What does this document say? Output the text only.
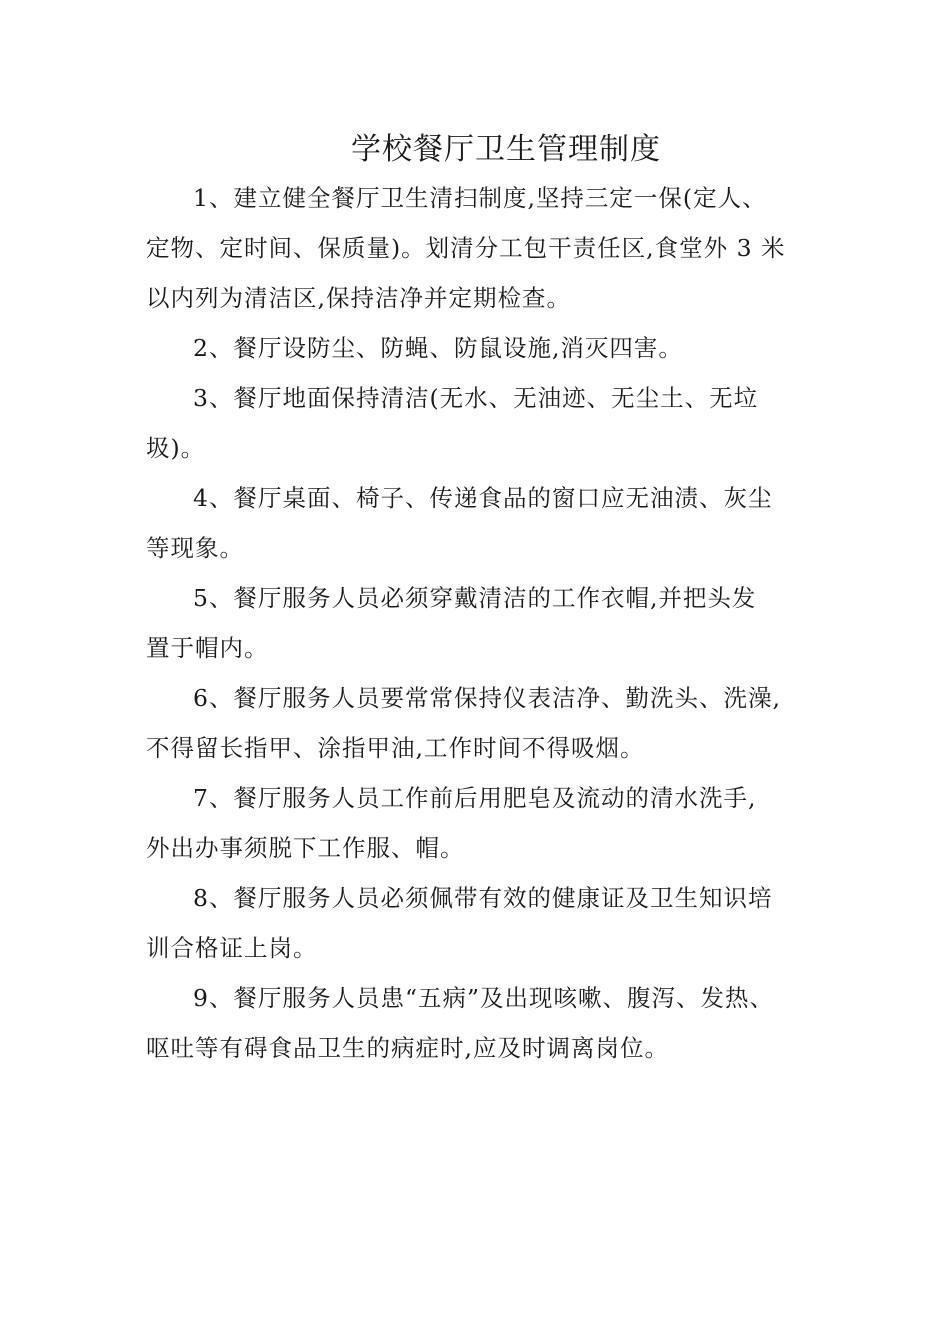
学校餐厅卫生管理制度
1、建立健全餐厅卫生清扫制度,坚持三定一保(定人、
定物、定时间、保质量)。划清分工包干责任区,食堂外 3 米
以内列为清洁区,保持洁净并定期检查。
2、餐厅设防尘、防蝇、防鼠设施,消灭四害。
3、餐厅地面保持清洁(无水、无油迹、无尘土、无垃
圾)。
4、餐厅桌面、椅子、传递食品的窗口应无油渍、灰尘
等现象。
5、餐厅服务人员必须穿戴清洁的工作衣帽,并把头发
置于帽内。
6、餐厅服务人员要常常保持仪表洁净、勤洗头、洗澡,
不得留长指甲、涂指甲油,工作时间不得吸烟。
7、餐厅服务人员工作前后用肥皂及流动的清水洗手,
外出办事须脱下工作服、帽。
8、餐厅服务人员必须佩带有效的健康证及卫生知识培
训合格证上岗。
9、餐厅服务人员患“五病”及出现咳嗽、腹泻、发热、
呕吐等有碍食品卫生的病症时,应及时调离岗位。
